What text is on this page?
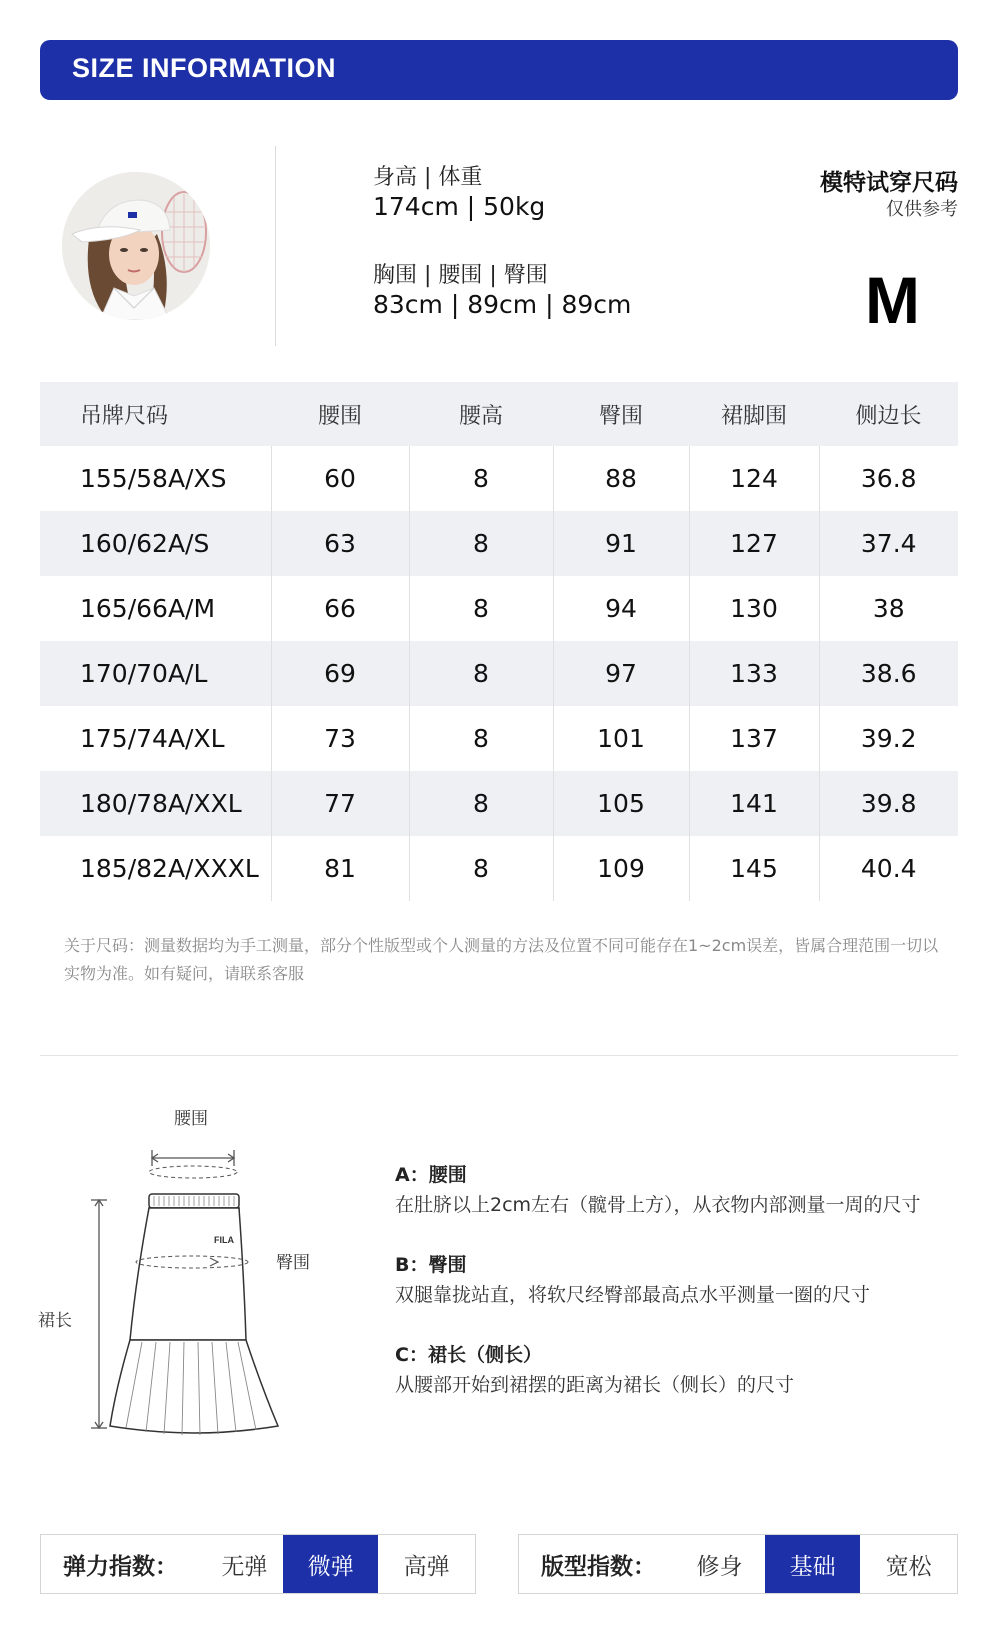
SIZE INFORMATION
身高 | 体重
174cm | 50kg
胸围 | 腰围 | 臀围
83cm | 89cm | 89cm
模特试穿尺码
仅供参考
M
吊牌尺码	腰围	腰高	臀围	裙脚围	侧边长
155/58A/XS	60	8	88	124	36.8
160/62A/S	63	8	91	127	37.4
165/66A/M	66	8	94	130	38
170/70A/L	69	8	97	133	38.6
175/74A/XL	73	8	101	137	39.2
180/78A/XXL	77	8	105	141	39.8
185/82A/XXXL	81	8	109	145	40.4
关于尺码：测量数据均为手工测量，部分个性版型或个人测量的方法及位置不同可能存在1~2cm误差，皆属合理范围一切以实物为准。如有疑问，请联系客服
FILA
腰围
臀围
裙长
A：腰围
在肚脐以上2cm左右（髋骨上方），从衣物内部测量一周的尺寸
B：臀围
双腿靠拢站直，将软尺经臀部最高点水平测量一圈的尺寸
C：裙长（侧长）
从腰部开始到裙摆的距离为裙长（侧长）的尺寸
弹力指数：	无弹	微弹	高弹	版型指数：	修身	基础	宽松
